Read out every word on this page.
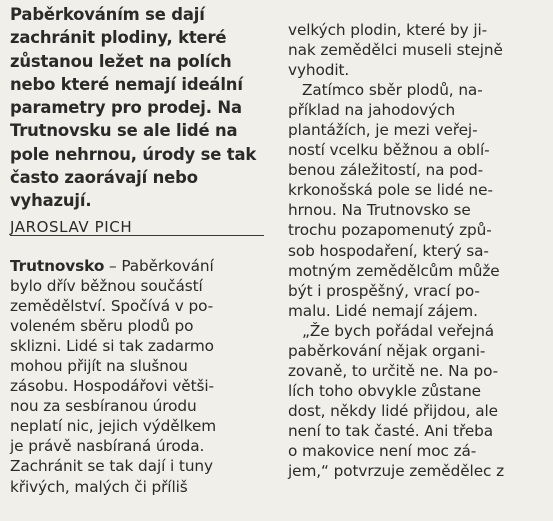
Paběrkováním se dají
zachránit plodiny, které
zůstanou ležet na polích
nebo které nemají ideální
parametry pro prodej. Na
Trutnovsku se ale lidé na
pole nehrnou, úrody se tak
často zaorávají nebo
vyhazují.
JAROSLAV PICH
Trutnovsko – Paběrkování
bylo dřív běžnou součástí
zemědělství. Spočívá v po-
voleném sběru plodů po
sklizni. Lidé si tak zadarmo
mohou přijít na slušnou
zásobu. Hospodářovi větši-
nou za sesbíranou úrodu
neplatí nic, jejich výdělkem
je právě nasbíraná úroda.
Zachránit se tak dají i tuny
křivých, malých či příliš
velkých plodin, které by ji-
nak zemědělci museli stejně
vyhodit.
Zatímco sběr plodů, na-
příklad na jahodových
plantážích, je mezi veřej-
ností vcelku běžnou a oblí-
benou záležitostí, na pod-
krkonošská pole se lidé ne-
hrnou. Na Trutnovsko se
trochu pozapomenutý způ-
sob hospodaření, který sa-
motným zemědělcům může
být i prospěšný, vrací po-
malu. Lidé nemají zájem.
„Že bych pořádal veřejná
paběrkování nějak organi-
zovaně, to určitě ne. Na po-
lích toho obvykle zůstane
dost, někdy lidé přijdou, ale
není to tak časté. Ani třeba
o makovice není moc zá-
jem,“ potvrzuje zemědělec z
